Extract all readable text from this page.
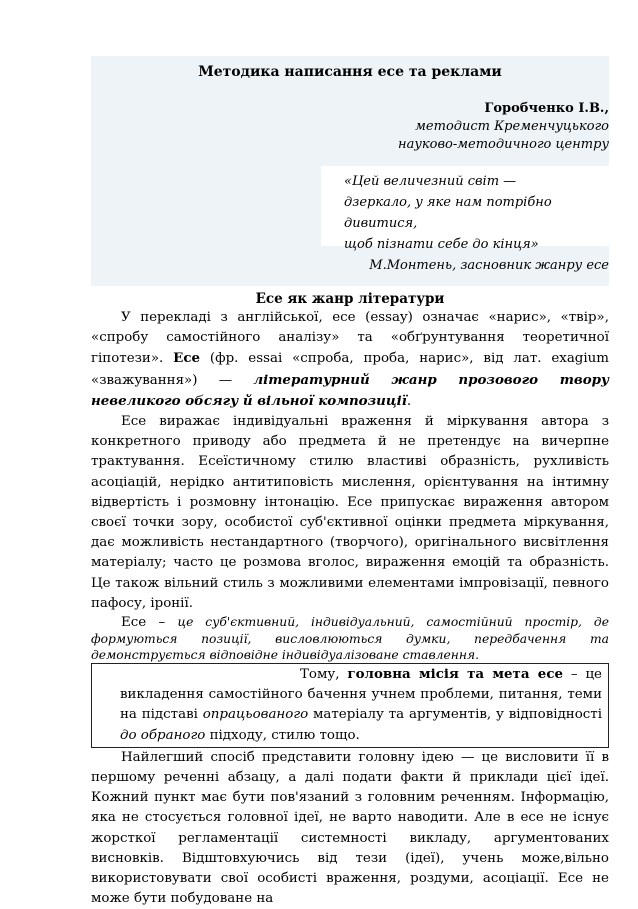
Методика написання есе та реклами
Горобченко І.В.,
методист Кременчуцького
науково-методичного центру
«Цей величезний світ —
дзеркало, у яке нам потрібно
дивитися,
щоб пізнати себе до кінця»
М.Монтень, засновник жанру есе
Есе як жанр літератури

У перекладі з англійської, есе (essay) означає «нарис», «твір», «спробу самостійного аналізу» та «обґрунтування теоретичної гіпотези». Есе (фр. essai «спроба, проба, нарис», від лат. exagium «зважування») — літературний жанр прозового твору невеликого обсягу й вільної композиції.

Есе виражає індивідуальні враження й міркування автора з конкретного приводу або предмета й не претендує на вичерпне трактування. Есеїстичному стилю властиві образність, рухливість асоціацій, нерідко антитиповість мислення, орієнтування на інтимну відвертість і розмовну інтонацію. Есе припускає вираження автором своєї точки зору, особистої суб'єктивної оцінки предмета міркування, дає можливість нестандартного (творчого), оригінального висвітлення матеріалу; часто це розмова вголос, вираження емоцій та образність. Це також вільний стиль з можливими елементами імпровізації, певного пафосу, іронії.

Есе – це суб'єктивний, індивідуальний, самостійний простір, де формуються позиції, висловлюються думки, передбачення та демонструється відповідне індивідуалізоване ставлення.

Тому, головна місія та мета есе – це викладення самостійного бачення учнем проблеми, питання, теми на підставі опрацьованого матеріалу та аргументів, у відповідності до обраного підходу, стилю тощо.

Найлегший спосіб представити головну ідею — це висловити її в першому реченні абзацу, а далі подати факти й приклади цієї ідеї. Кожний пункт має бути пов'язаний з головним реченням. Інформацію, яка не стосується головної ідеї, не варто наводити. Але в есе не існує жорсткої регламентації системності викладу, аргументованих висновків. Відштовхуючись від тези (ідеї), учень може,вільно використовувати свої особисті враження, роздуми, асоціації. Есе не може бути побудоване на
